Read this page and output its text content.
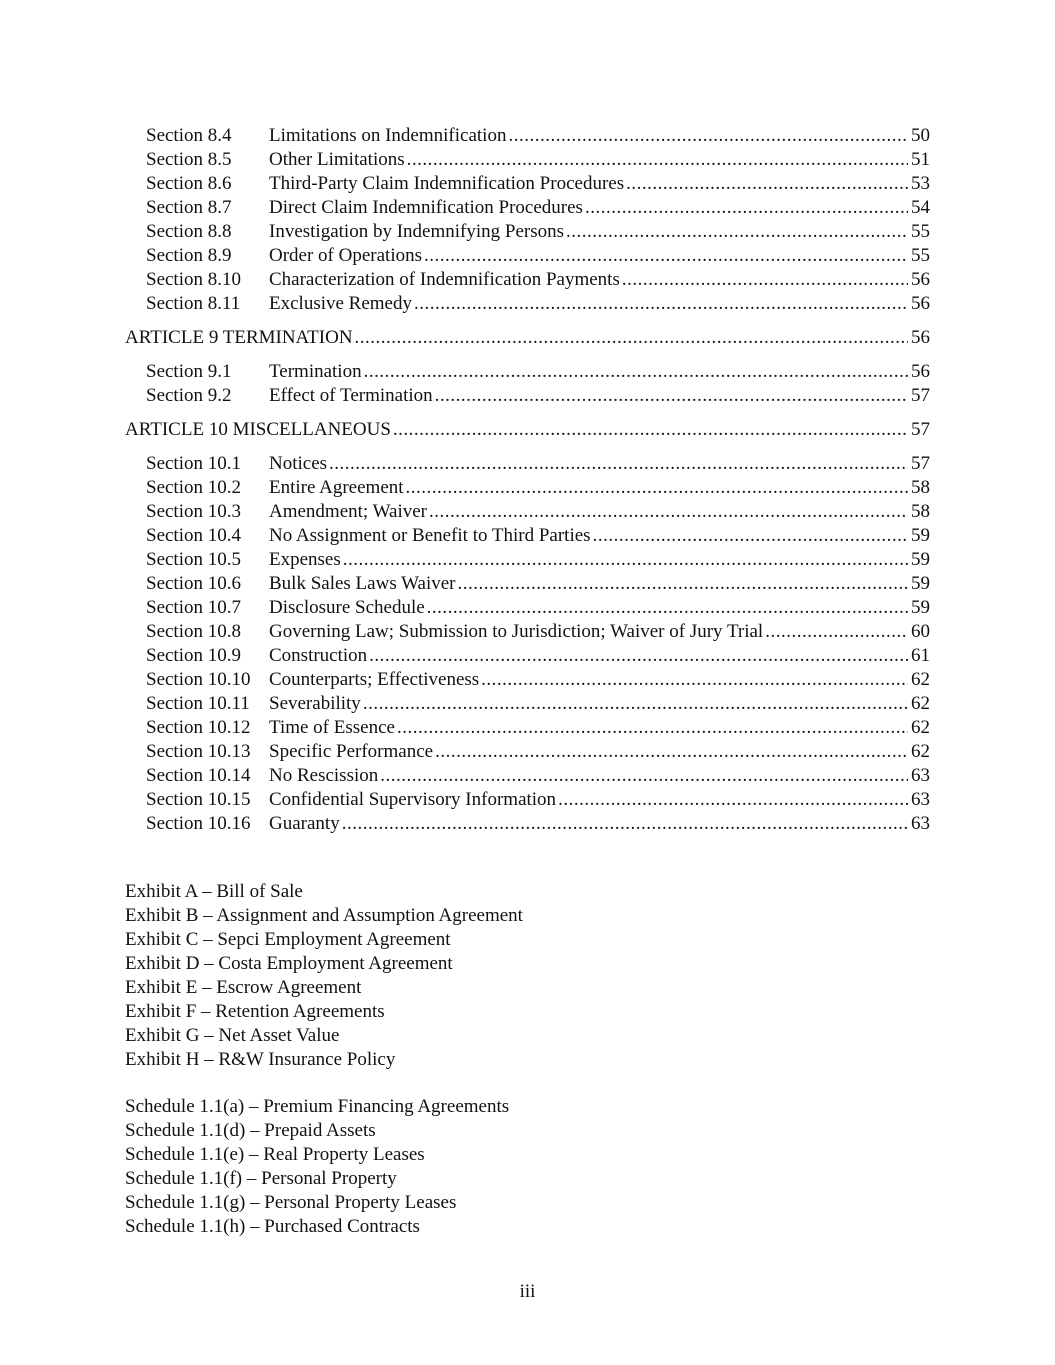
Section 8.4	Limitations on Indemnification .....	50
Section 8.5	Other Limitations .....	51
Section 8.6	Third-Party Claim Indemnification Procedures .....	53
Section 8.7	Direct Claim Indemnification Procedures .....	54
Section 8.8	Investigation by Indemnifying Persons .....	55
Section 8.9	Order of Operations .....	55
Section 8.10	Characterization of Indemnification Payments .....	56
Section 8.11	Exclusive Remedy .....	56
ARTICLE 9 TERMINATION .....	56
Section 9.1	Termination .....	56
Section 9.2	Effect of Termination .....	57
ARTICLE 10 MISCELLANEOUS .....	57
Section 10.1	Notices .....	57
Section 10.2	Entire Agreement .....	58
Section 10.3	Amendment; Waiver .....	58
Section 10.4	No Assignment or Benefit to Third Parties .....	59
Section 10.5	Expenses .....	59
Section 10.6	Bulk Sales Laws Waiver .....	59
Section 10.7	Disclosure Schedule .....	59
Section 10.8	Governing Law; Submission to Jurisdiction; Waiver of Jury Trial .....	60
Section 10.9	Construction .....	61
Section 10.10 Counterparts; Effectiveness .....	62
Section 10.11	Severability .....	62
Section 10.12 Time of Essence .....	62
Section 10.13 Specific Performance .....	62
Section 10.14 No Rescission .....	63
Section 10.15 Confidential Supervisory Information .....	63
Section 10.16 Guaranty .....	63
Exhibit A – Bill of Sale
Exhibit B – Assignment and Assumption Agreement
Exhibit C – Sepci Employment Agreement
Exhibit D – Costa Employment Agreement
Exhibit E – Escrow Agreement
Exhibit F – Retention Agreements
Exhibit G – Net Asset Value
Exhibit H – R&W Insurance Policy
Schedule 1.1(a) – Premium Financing Agreements
Schedule 1.1(d) – Prepaid Assets
Schedule 1.1(e) – Real Property Leases
Schedule 1.1(f) – Personal Property
Schedule 1.1(g) – Personal Property Leases
Schedule 1.1(h) – Purchased Contracts
iii
